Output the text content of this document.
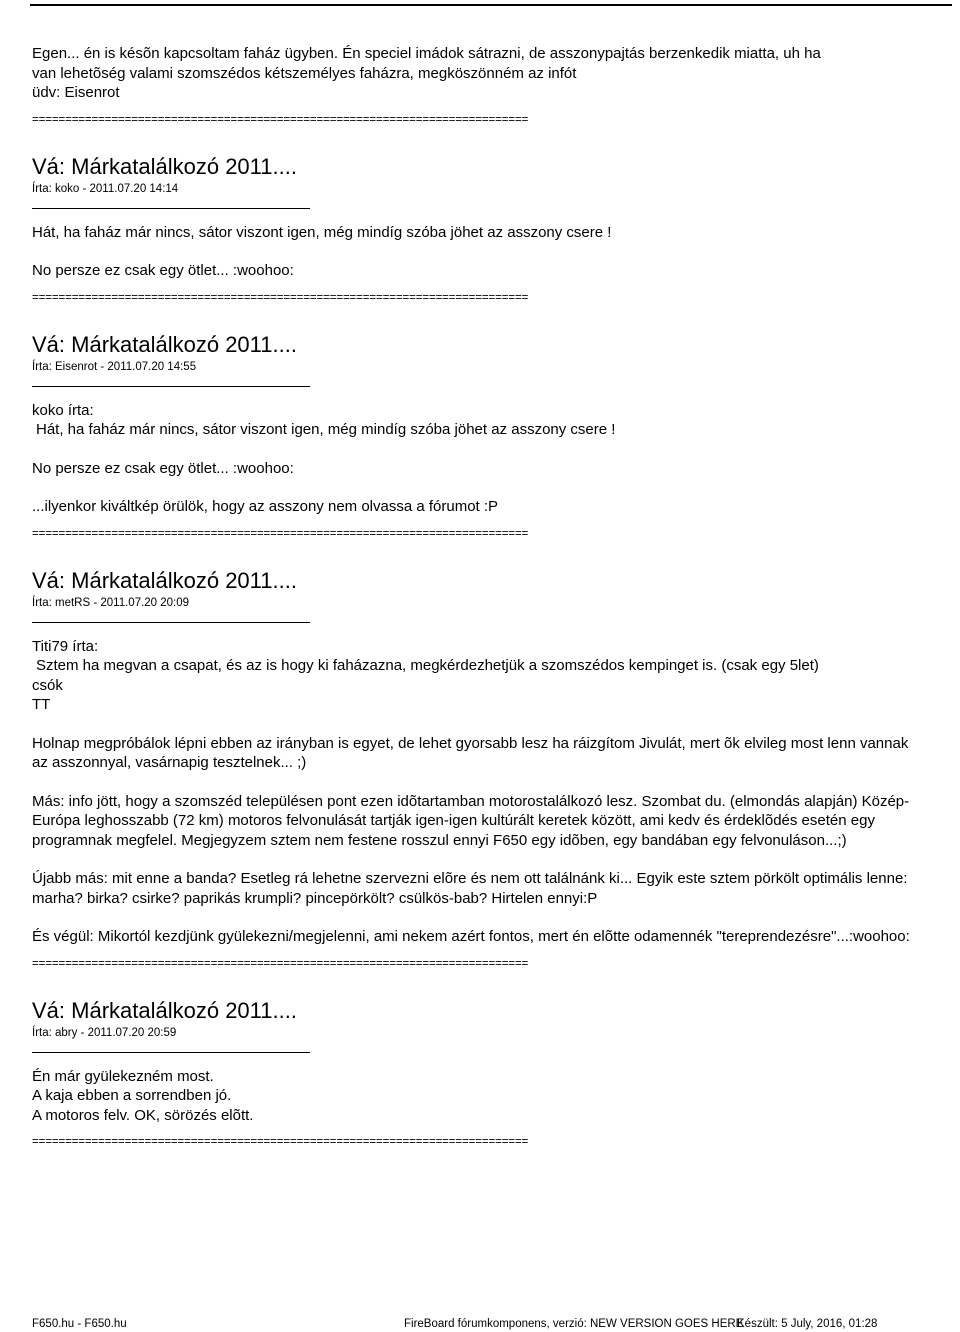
Egen... én is késõn kapcsoltam faház ügyben. Én speciel imádok sátrazni, de asszonypajtás berzenkedik miatta, uh ha

van lehetõség valami szomszédos kétszemélyes faházra, megköszönném az infót

üdv: Eisenrot

===========================================================================

Vá: Márkatalálkozó 2011....

Írta: koko - 2011.07.20 14:14

Hát, ha faház már nincs, sátor viszont igen, még mindíg szóba jöhet az asszony csere !

No persze ez csak egy ötlet... :woohoo:

===========================================================================

Vá: Márkatalálkozó 2011....

Írta: Eisenrot - 2011.07.20 14:55

koko írta:

Hát, ha faház már nincs, sátor viszont igen, még mindíg szóba jöhet az asszony csere !

No persze ez csak egy ötlet... :woohoo:

...ilyenkor kiváltkép örülök, hogy az asszony nem olvassa a fórumot :P

===========================================================================

Vá: Márkatalálkozó 2011....

Írta: metRS - 2011.07.20 20:09

Titi79 írta:

Sztem ha megvan a csapat, és az is hogy ki faházazna, megkérdezhetjük a szomszédos kempinget is. (csak egy 5let)

csók

TT

Holnap megpróbálok lépni ebben az irányban is egyet, de lehet gyorsabb lesz ha ráizgítom Jivulát, mert õk elvileg most lenn vannak az asszonnyal, vasárnapig tesztelnek... ;)

Más: info jött, hogy a szomszéd településen pont ezen idõtartamban motorostalálkozó lesz. Szombat du. (elmondás alapján) Közép-Európa leghosszabb (72 km) motoros felvonulását tartják igen-igen kultúrált keretek között, ami kedv és érdeklõdés esetén egy programnak megfelel. Megjegyzem sztem nem festene rosszul ennyi F650 egy idõben, egy bandában egy felvonuláson...;)

Újabb más: mit enne a banda? Esetleg rá lehetne szervezni elõre és nem ott találnánk ki... Egyik este sztem pörkölt optimális lenne: marha? birka? csirke? paprikás krumpli? pincepörkölt? csülkös-bab? Hirtelen ennyi:P

És végül: Mikortól kezdjünk gyülekezni/megjelenni, ami nekem azért fontos, mert én elõtte odamennék "tereprendezésre"...:woohoo:

===========================================================================

Vá: Márkatalálkozó 2011....

Írta: abry - 2011.07.20 20:59

Én már gyülekezném most.

A kaja ebben a sorrendben jó.

A motoros felv. OK, sörözés elõtt.

===========================================================================

F650.hu - F650.hu	FireBoard fórumkomponens, verzió: NEW VERSION GOES HERE
Készült: 5 July, 2016, 01:28
